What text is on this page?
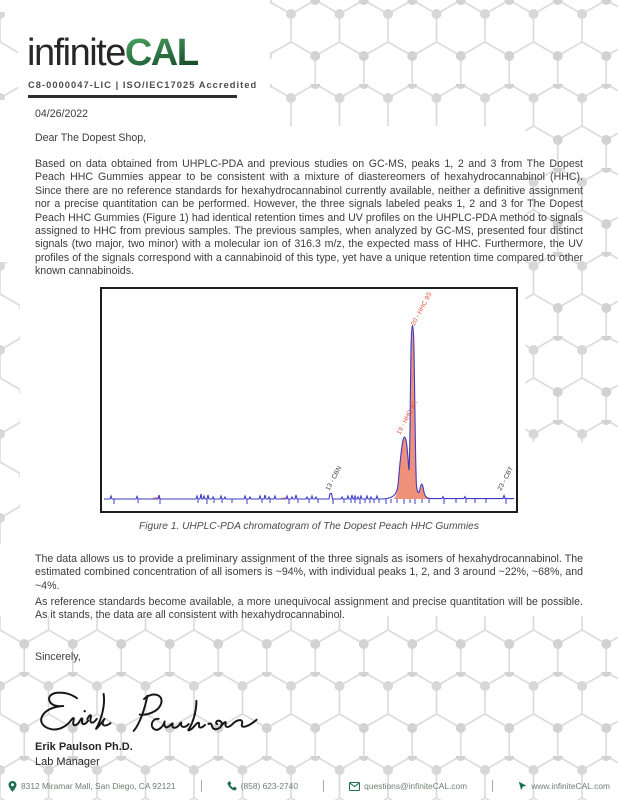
infiniteCAL
C8-0000047-LIC | ISO/IEC17025 Accredited
04/26/2022
Dear The Dopest Shop,
Based on data obtained from UHPLC-PDA and previous studies on GC-MS, peaks 1, 2 and 3 from The Dopest Peach HHC Gummies appear to be consistent with a mixture of diastereomers of hexahydrocannabinol (HHC). Since there are no reference standards for hexahydrocannabinol currently available, neither a definitive assignment nor a precise quantitation can be performed. However, the three signals labeled peaks 1, 2 and 3 for The Dopest Peach HHC Gummies (Figure 1) had identical retention times and UV profiles on the UHPLC-PDA method to signals assigned to HHC from previous samples. The previous samples, when analyzed by GC-MS, presented four distinct signals (two major, two minor) with a molecular ion of 316.3 m/z, the expected mass of HHC. Furthermore, the UV profiles of the signals correspond with a cannabinoid of this type, yet have a unique retention time compared to other known cannabinoids.
20 - HHC 9S
19 - HHC 9R
13 - CBN	23 - CBT
Figure 1. UHPLC-PDA chromatogram of The Dopest Peach HHC Gummies
The data allows us to provide a preliminary assignment of the three signals as isomers of hexahydrocannabinol. The estimated combined concentration of all isomers is ~94%, with individual peaks 1, 2, and 3 around ~22%, ~68%, and ~4%.
As reference standards become available, a more unequivocal assignment and precise quantitation will be possible. As it stands, the data are all consistent with hexahydrocannabinol.
Sincerely,
Erik Paulson Ph.D.
Lab Manager
8312 Miramar Mall, San Diego, CA 92121	(858) 623-2740	questions@infiniteCAL.com	www.infiniteCAL.com
